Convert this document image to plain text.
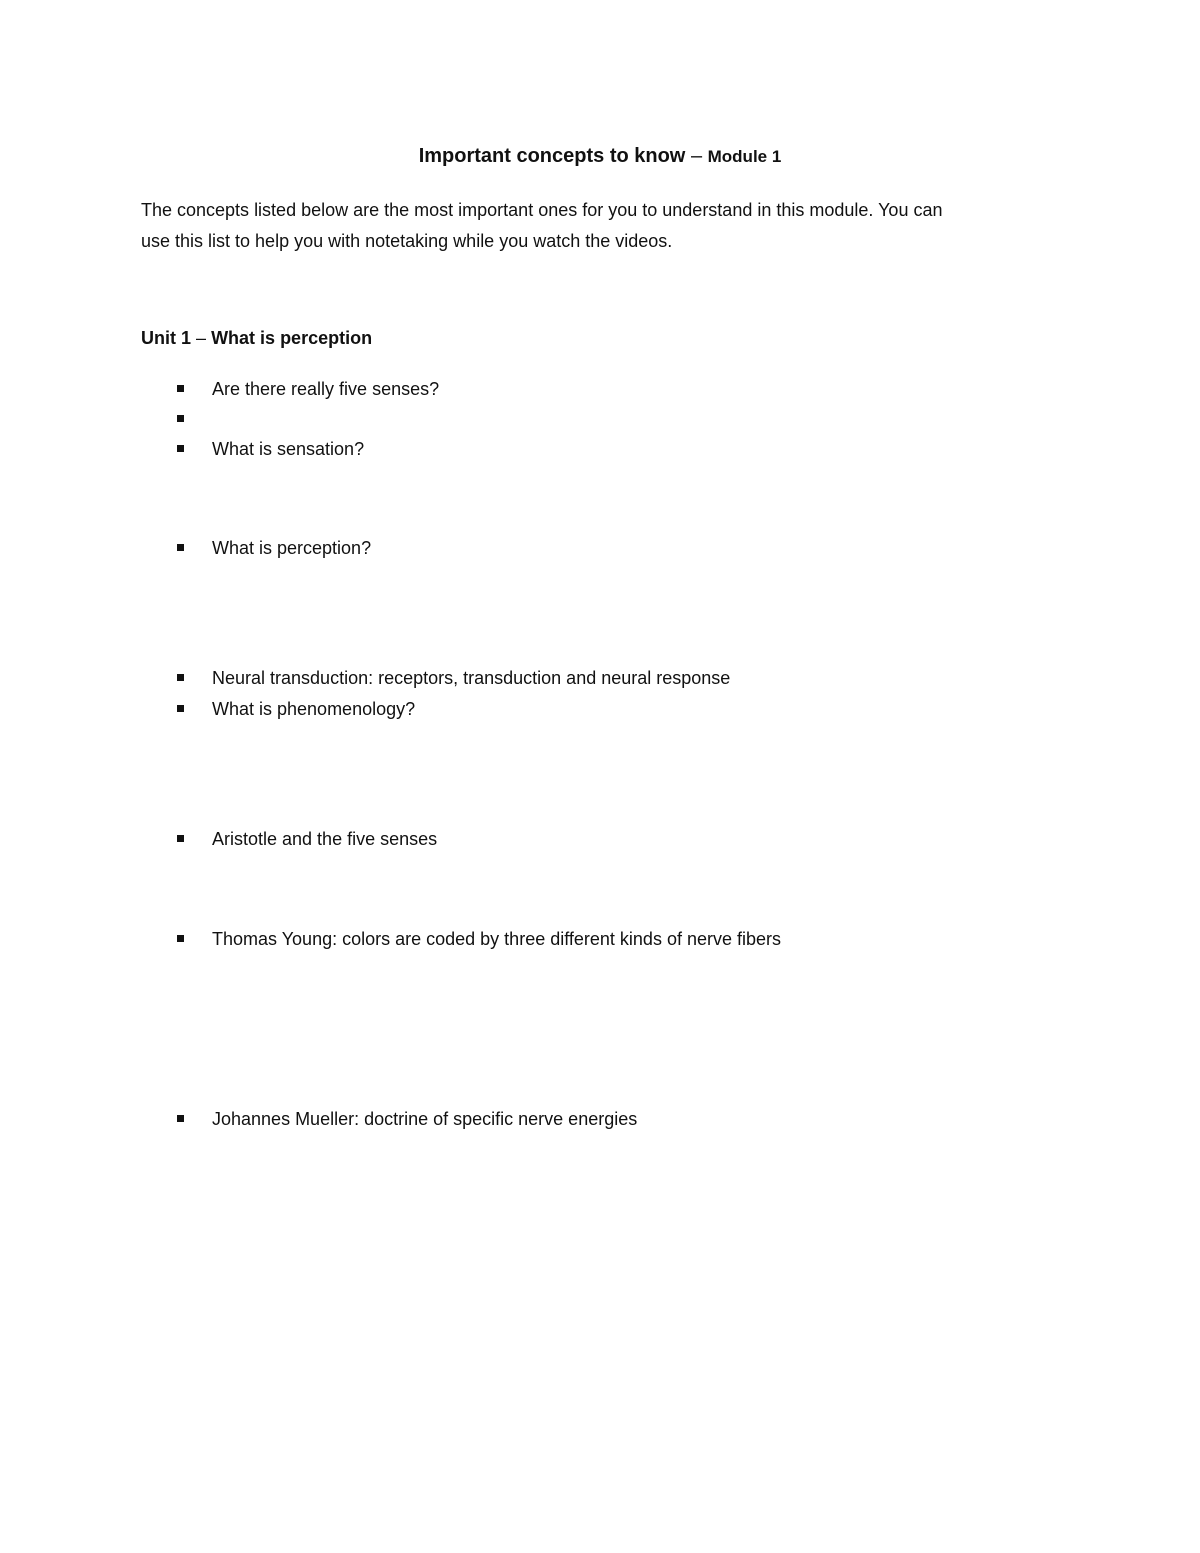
Important concepts to know – Module 1

The concepts listed below are the most important ones for you to understand in this module. You can

use this list to help you with notetaking while you watch the videos.

Unit 1 – What is perception
Are there really five senses?
What is sensation?
What is perception?
Neural transduction: receptors, transduction and neural response
What is phenomenology?
Aristotle and the five senses
Thomas Young: colors are coded by three different kinds of nerve fibers
Johannes Mueller: doctrine of specific nerve energies
